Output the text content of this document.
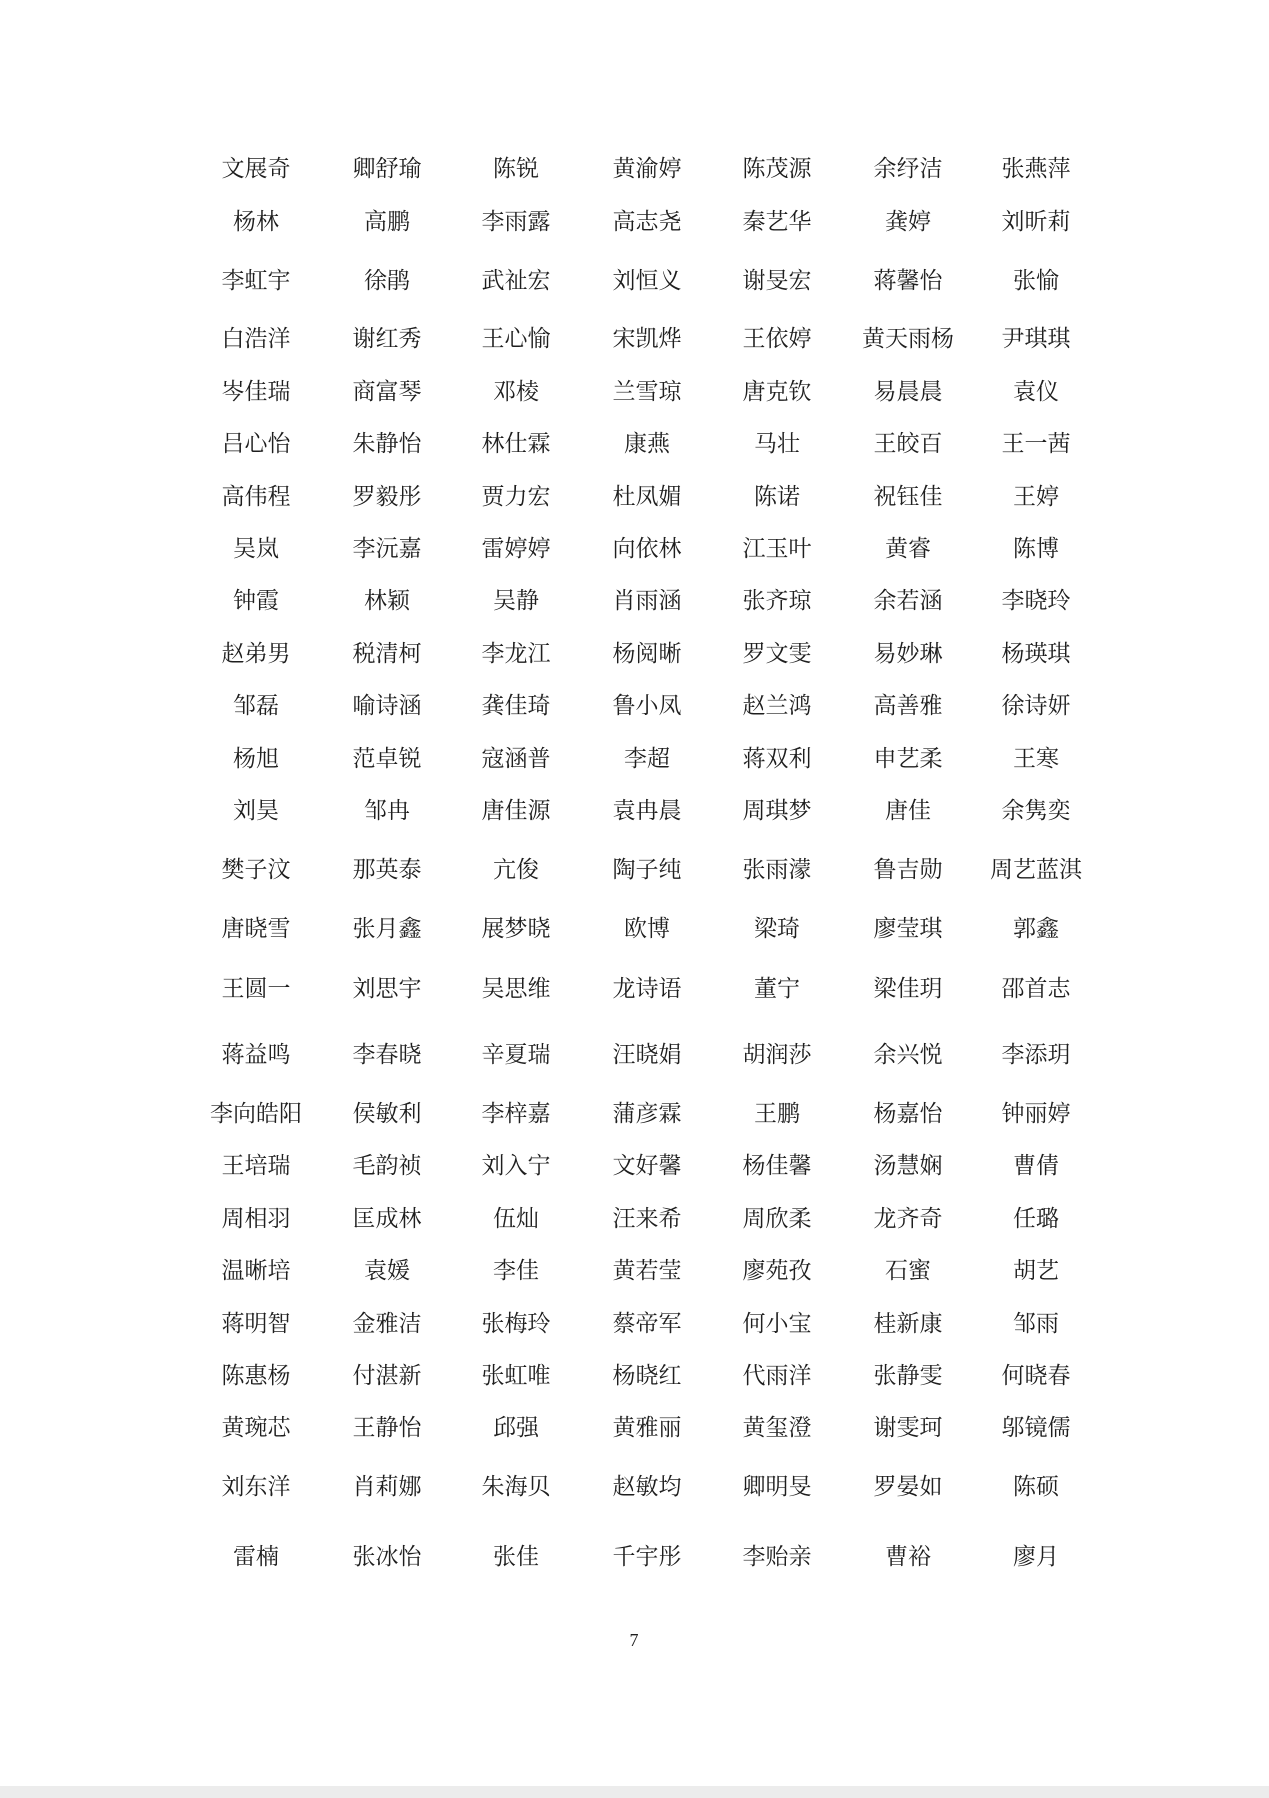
文展奇	卿舒瑜	陈锐	黄渝婷	陈茂源	余纾洁	张燕萍
杨林	高鹏	李雨露	高志尧	秦艺华	龚婷	刘昕莉
李虹宇	徐鹃	武祉宏	刘恒义	谢旻宏	蒋馨怡	张愉
白浩洋	谢红秀	王心愉	宋凯烨	王依婷	黄天雨杨	尹琪琪
岑佳瑞	商富琴	邓棱	兰雪琼	唐克钦	易晨晨	袁仪
吕心怡	朱静怡	林仕霖	康燕	马壮	王皎百	王一茜
高伟程	罗毅彤	贾力宏	杜凤媚	陈诺	祝钰佳	王婷
吴岚	李沅嘉	雷婷婷	向依林	江玉叶	黄睿	陈博
钟霞	林颖	吴静	肖雨涵	张齐琼	余若涵	李晓玲
赵弟男	税清柯	李龙江	杨阅晰	罗文雯	易妙琳	杨瑛琪
邹磊	喻诗涵	龚佳琦	鲁小凤	赵兰鸿	高善雅	徐诗妍
杨旭	范卓锐	寇涵普	李超	蒋双利	申艺柔	王寒
刘昊	邹冉	唐佳源	袁冉晨	周琪梦	唐佳	余隽奕
樊子汶	那英泰	亢俊	陶子纯	张雨濛	鲁吉勋	周艺蓝淇
唐晓雪	张月鑫	展梦晓	欧博	梁琦	廖莹琪	郭鑫
王圆一	刘思宇	吴思维	龙诗语	董宁	梁佳玥	邵首志
蒋益鸣	李春晓	辛夏瑞	汪晓娟	胡润莎	余兴悦	李添玥
李向皓阳	侯敏利	李梓嘉	蒲彦霖	王鹏	杨嘉怡	钟丽婷
王培瑞	毛韵祯	刘入宁	文好馨	杨佳馨	汤慧娴	曹倩
周相羽	匡成林	伍灿	汪来希	周欣柔	龙齐奇	任璐
温晰培	袁媛	李佳	黄若莹	廖苑孜	石蜜	胡艺
蒋明智	金雅洁	张梅玲	蔡帝军	何小宝	桂新康	邹雨
陈惠杨	付湛新	张虹唯	杨晓红	代雨洋	张静雯	何晓春
黄琬芯	王静怡	邱强	黄雅丽	黄玺澄	谢雯珂	邬镜儒
刘东洋	肖莉娜	朱海贝	赵敏均	卿明旻	罗晏如	陈硕
雷楠	张冰怡	张佳	千宇彤	李贻亲	曹裕	廖月
7
